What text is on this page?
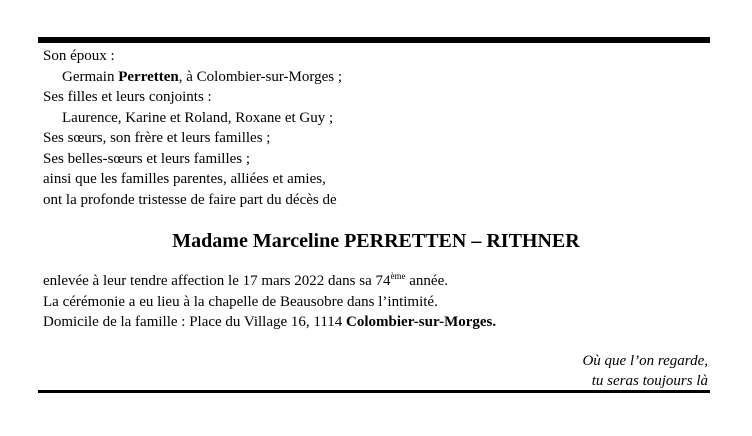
Son époux :
Germain Perretten, à Colombier-sur-Morges ;
Ses filles et leurs conjoints :
Laurence, Karine et Roland, Roxane et Guy ;
Ses sœurs, son frère et leurs familles ;
Ses belles-sœurs et leurs familles ;
ainsi que les familles parentes, alliées et amies,
ont la profonde tristesse de faire part du décès de
Madame Marceline PERRETTEN – RITHNER
enlevée à leur tendre affection le 17 mars 2022 dans sa 74ème année.
La cérémonie a eu lieu à la chapelle de Beausobre dans l’intimité.
Domicile de la famille : Place du Village 16, 1114 Colombier-sur-Morges.
Où que l’on regarde,
tu seras toujours là
